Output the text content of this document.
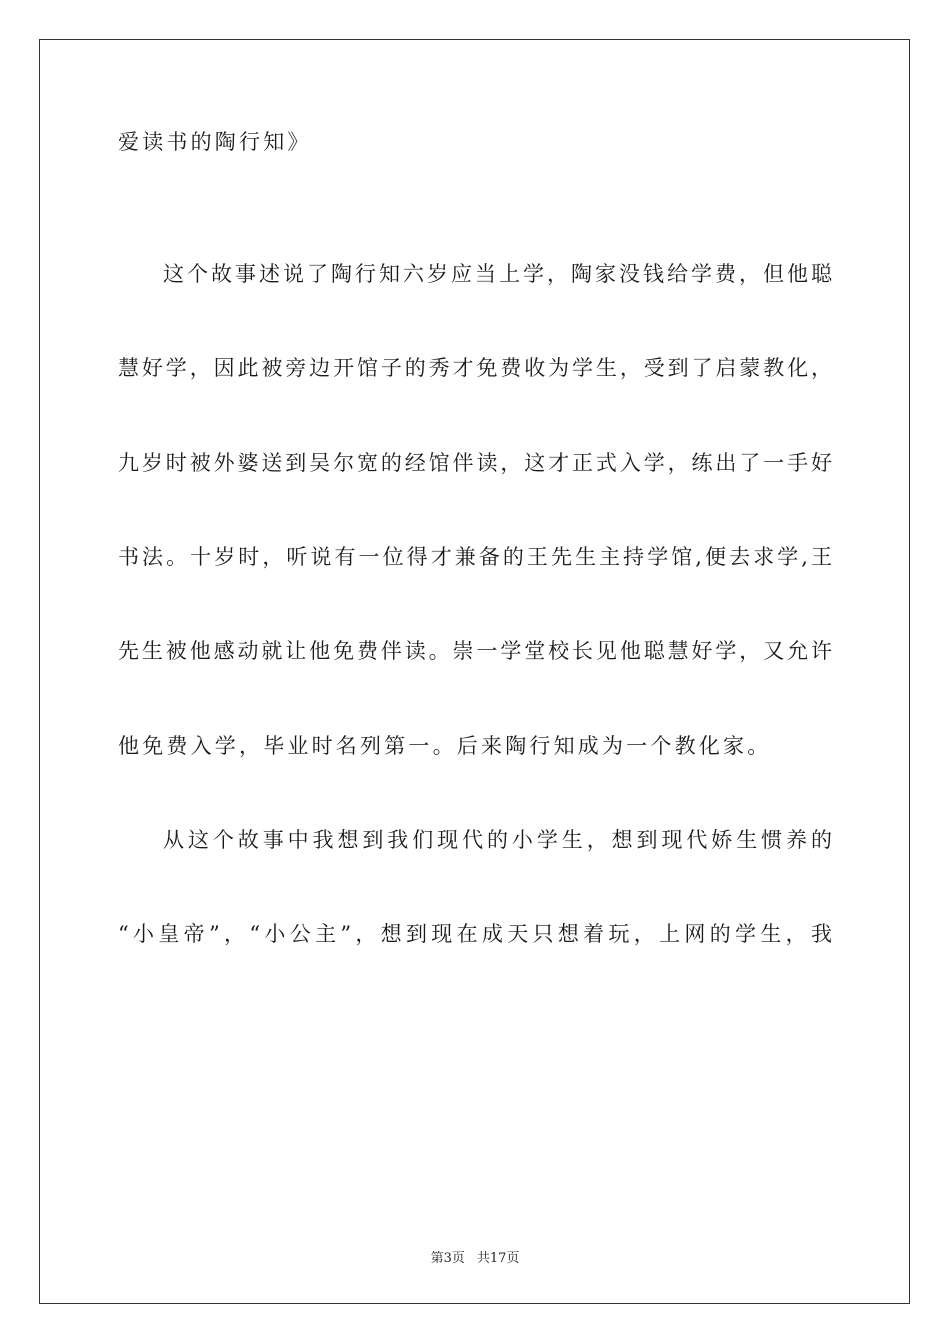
爱读书的陶行知》
这个故事述说了陶行知六岁应当上学，陶家没钱给学费，但他聪
慧好学，因此被旁边开馆子的秀才免费收为学生，受到了启蒙教化，
九岁时被外婆送到吴尔宽的经馆伴读，这才正式入学，练出了一手好
书法。十岁时，听说有一位得才兼备的王先生主持学馆,便去求学,王
先生被他感动就让他免费伴读。崇一学堂校长见他聪慧好学，又允许
他免费入学，毕业时名列第一。后来陶行知成为一个教化家。
从这个故事中我想到我们现代的小学生，想到现代娇生惯养的
“小皇帝”，“小公主”，想到现在成天只想着玩，上网的学生，我
第3页 共17页
